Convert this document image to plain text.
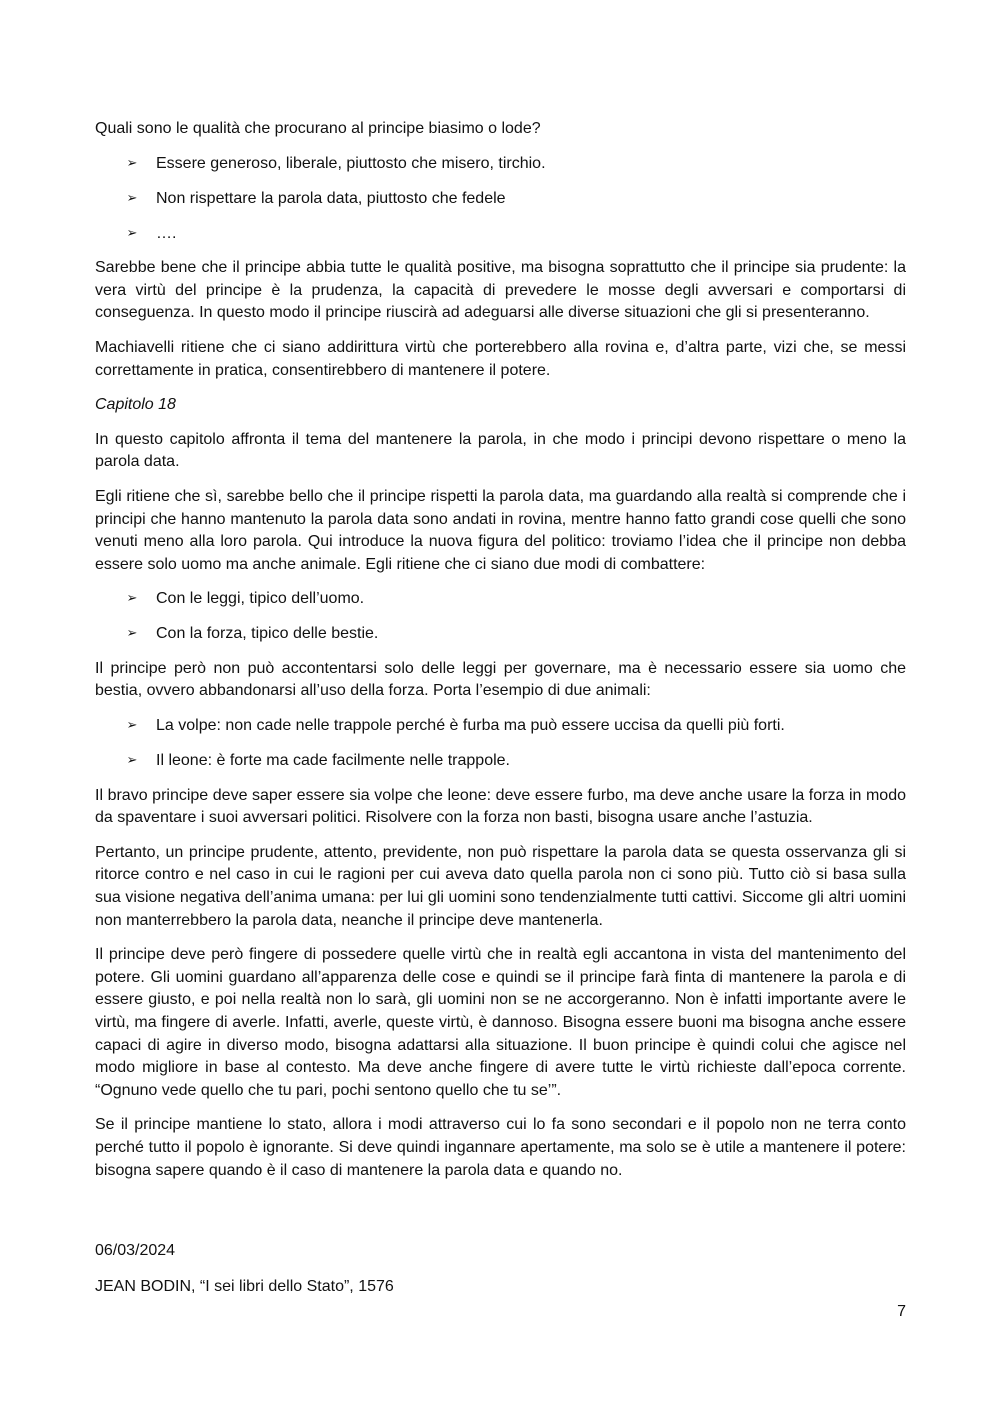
Quali sono le qualità che procurano al principe biasimo o lode?

➢ Essere generoso, liberale, piuttosto che misero, tirchio.
➢ Non rispettare la parola data, piuttosto che fedele
➢ ….

Sarebbe bene che il principe abbia tutte le qualità positive, ma bisogna soprattutto che il principe sia prudente: la vera virtù del principe è la prudenza, la capacità di prevedere le mosse degli avversari e comportarsi di conseguenza. In questo modo il principe riuscirà ad adeguarsi alle diverse situazioni che gli si presenteranno.

Machiavelli ritiene che ci siano addirittura virtù che porterebbero alla rovina e, d’altra parte, vizi che, se messi correttamente in pratica, consentirebbero di mantenere il potere.

Capitolo 18

In questo capitolo affronta il tema del mantenere la parola, in che modo i principi devono rispettare o meno la parola data.

Egli ritiene che sì, sarebbe bello che il principe rispetti la parola data, ma guardando alla realtà si comprende che i principi che hanno mantenuto la parola data sono andati in rovina, mentre hanno fatto grandi cose quelli che sono venuti meno alla loro parola. Qui introduce la nuova figura del politico: troviamo l’idea che il principe non debba essere solo uomo ma anche animale. Egli ritiene che ci siano due modi di combattere:

➢ Con le leggi, tipico dell’uomo.
➢ Con la forza, tipico delle bestie.

Il principe però non può accontentarsi solo delle leggi per governare, ma è necessario essere sia uomo che bestia, ovvero abbandonarsi all’uso della forza. Porta l’esempio di due animali:

➢ La volpe: non cade nelle trappole perché è furba ma può essere uccisa da quelli più forti.
➢ Il leone: è forte ma cade facilmente nelle trappole.

Il bravo principe deve saper essere sia volpe che leone: deve essere furbo, ma deve anche usare la forza in modo da spaventare i suoi avversari politici. Risolvere con la forza non basti, bisogna usare anche l’astuzia.

Pertanto, un principe prudente, attento, previdente, non può rispettare la parola data se questa osservanza gli si ritorce contro e nel caso in cui le ragioni per cui aveva dato quella parola non ci sono più. Tutto ciò si basa sulla sua visione negativa dell’anima umana: per lui gli uomini sono tendenzialmente tutti cattivi. Siccome gli altri uomini non manterrebbero la parola data, neanche il principe deve mantenerla.

Il principe deve però fingere di possedere quelle virtù che in realtà egli accantona in vista del mantenimento del potere. Gli uomini guardano all’apparenza delle cose e quindi se il principe farà finta di mantenere la parola e di essere giusto, e poi nella realtà non lo sarà, gli uomini non se ne accorgeranno. Non è infatti importante avere le virtù, ma fingere di averle. Infatti, averle, queste virtù, è dannoso. Bisogna essere buoni ma bisogna anche essere capaci di agire in diverso modo, bisogna adattarsi alla situazione. Il buon principe è quindi colui che agisce nel modo migliore in base al contesto. Ma deve anche fingere di avere tutte le virtù richieste dall’epoca corrente. “Ognuno vede quello che tu pari, pochi sentono quello che tu se’”.

Se il principe mantiene lo stato, allora i modi attraverso cui lo fa sono secondari e il popolo non ne terra conto perché tutto il popolo è ignorante. Si deve quindi ingannare apertamente, ma solo se è utile a mantenere il potere: bisogna sapere quando è il caso di mantenere la parola data e quando no.

06/03/2024
JEAN BODIN, “I sei libri dello Stato”, 1576
7
